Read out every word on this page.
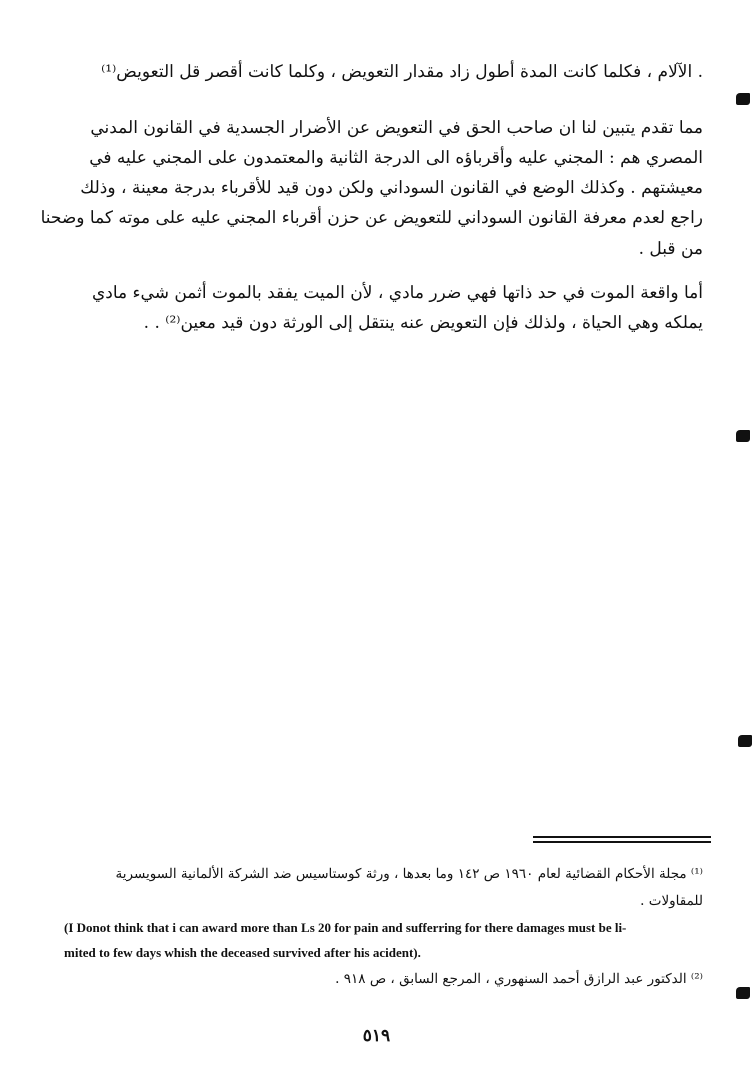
. الآلام ، فكلما كانت المدة أطول زاد مقدار التعويض ، وكلما كانت أقصر قل التعويض⁽¹⁾
مما تقدم يتبين لنا ان صاحب الحق في التعويض عن الأضرار الجسدية في القانون المدني
المصري هم : المجني عليه وأقرباؤه الى الدرجة الثانية والمعتمدون على المجني عليه في
معيشتهم . وكذلك الوضع في القانون السوداني ولكن دون قيد للأقرباء بدرجة معينة ، وذلك
راجع لعدم معرفة القانون السوداني للتعويض عن حزن أقرباء المجني عليه على موته كما وضحنا
من قبل .
أما واقعة الموت في حد ذاتها فهي ضرر مادي ، لأن الميت يفقد بالموت أثمن شيء مادي
يملكه وهي الحياة ، ولذلك فإن التعويض عنه ينتقل إلى الورثة دون قيد معين⁽²⁾ . .
⁽¹⁾ مجلة الأحكام القضائية لعام ١٩٦٠ ص ١٤٢ وما بعدها ، ورثة كوستاسيس ضد الشركة الألمانية السويسرية
للمقاولات .
(I Donot think that i can award more than Ls 20 for pain and sufferring for there damages must be li-
mited to few days whish the deceased survived after his acident).
⁽²⁾ الدكتور عبد الرازق أحمد السنهوري ، المرجع السابق ، ص ٩١٨ .
٥١٩
